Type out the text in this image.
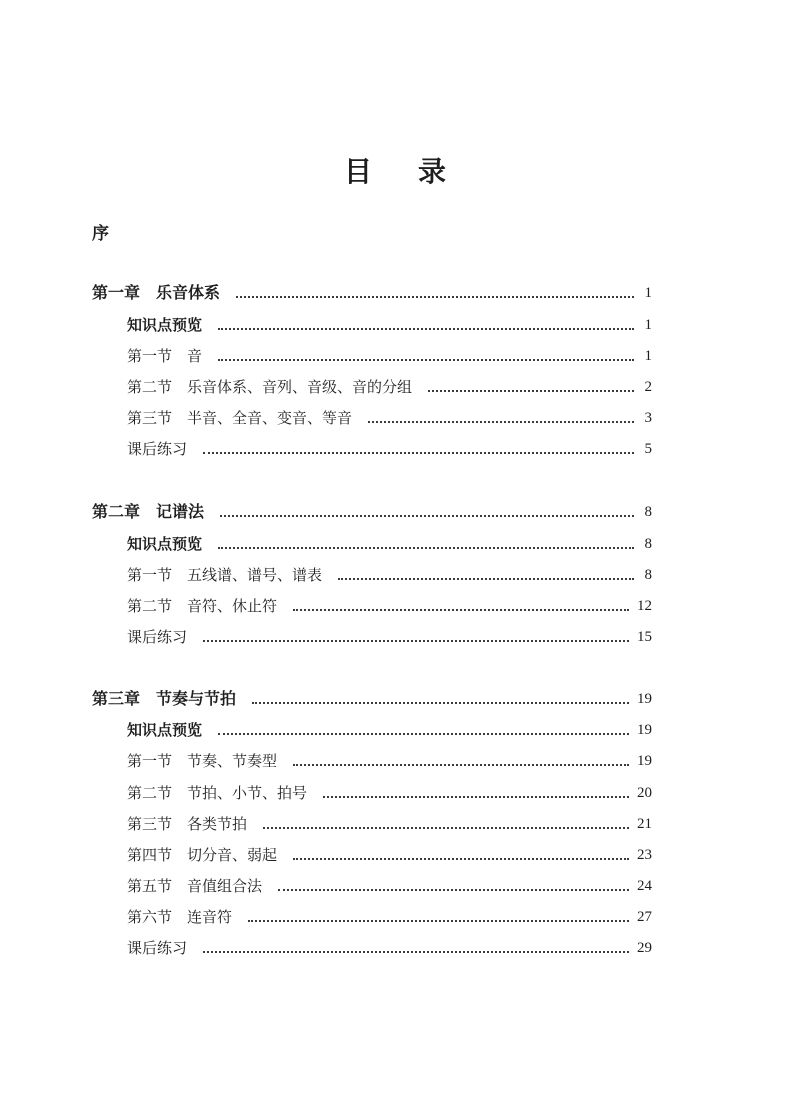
目录
序
第一章　乐音体系	1
知识点预览	1
第一节　音	1
第二节　乐音体系、音列、音级、音的分组	2
第三节　半音、全音、变音、等音	3
课后练习	5
第二章　记谱法	8
知识点预览	8
第一节　五线谱、谱号、谱表	8
第二节　音符、休止符	12
课后练习	15
第三章　节奏与节拍	19
知识点预览	19
第一节　节奏、节奏型	19
第二节　节拍、小节、拍号	20
第三节　各类节拍	21
第四节　切分音、弱起	23
第五节　音值组合法	24
第六节　连音符	27
课后练习	29
